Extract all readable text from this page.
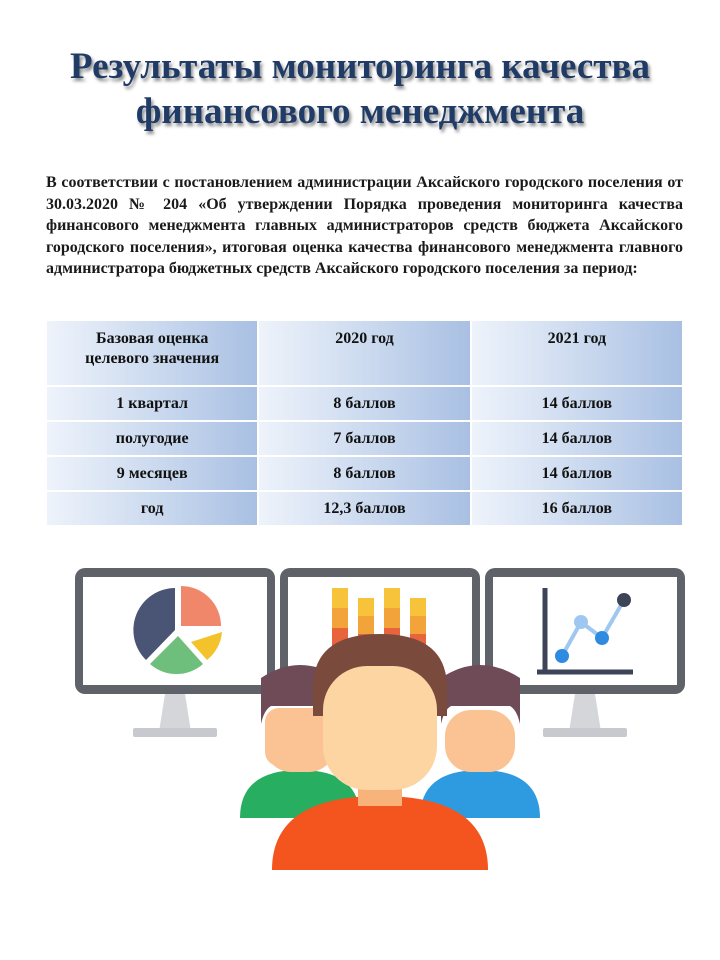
Результаты мониторинга качества
финансового менеджмента
В соответствии с постановлением администрации Аксайского городского поселения от 30.03.2020 № 204 «Об утверждении Порядка проведения мониторинга качества финансового менеджмента главных администраторов средств бюджета Аксайского городского поселения», итоговая оценка качества финансового менеджмента главного администратора бюджетных средств Аксайского городского поселения за период:
Базовая оценка целевого значения	2020 год	2021 год
1 квартал	8 баллов	14 баллов
полугодие	7 баллов	14 баллов
9 месяцев	8 баллов	14 баллов
год	12,3 баллов	16 баллов
